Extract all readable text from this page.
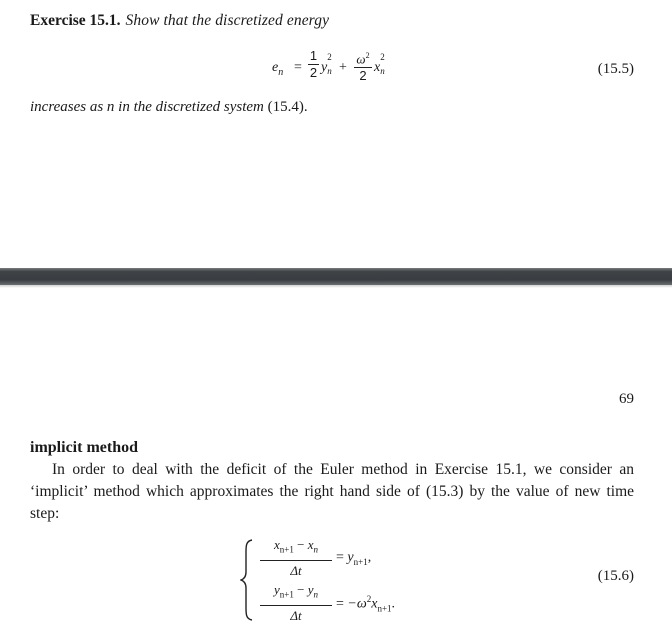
Exercise 15.1. Show that the discretized energy
$e_n$ =
1
2 y
2
n +
$\omega^2$
2
x
2
n	(15.5)
increases as n in the discretized system (15.4).
69
implicit method
In order to deal with the deficit of the Euler method in Exercise 15.1, we consider an ‘implicit’ method which approximates the right hand side of (15.3) by the value of new time step:
$x_{n+1} - x_n$
Δt
= $y_{n+1}$,
$y_{n+1} - y_n$
Δt
= $-\omega^2x_{n+1}$.
(15.6)
